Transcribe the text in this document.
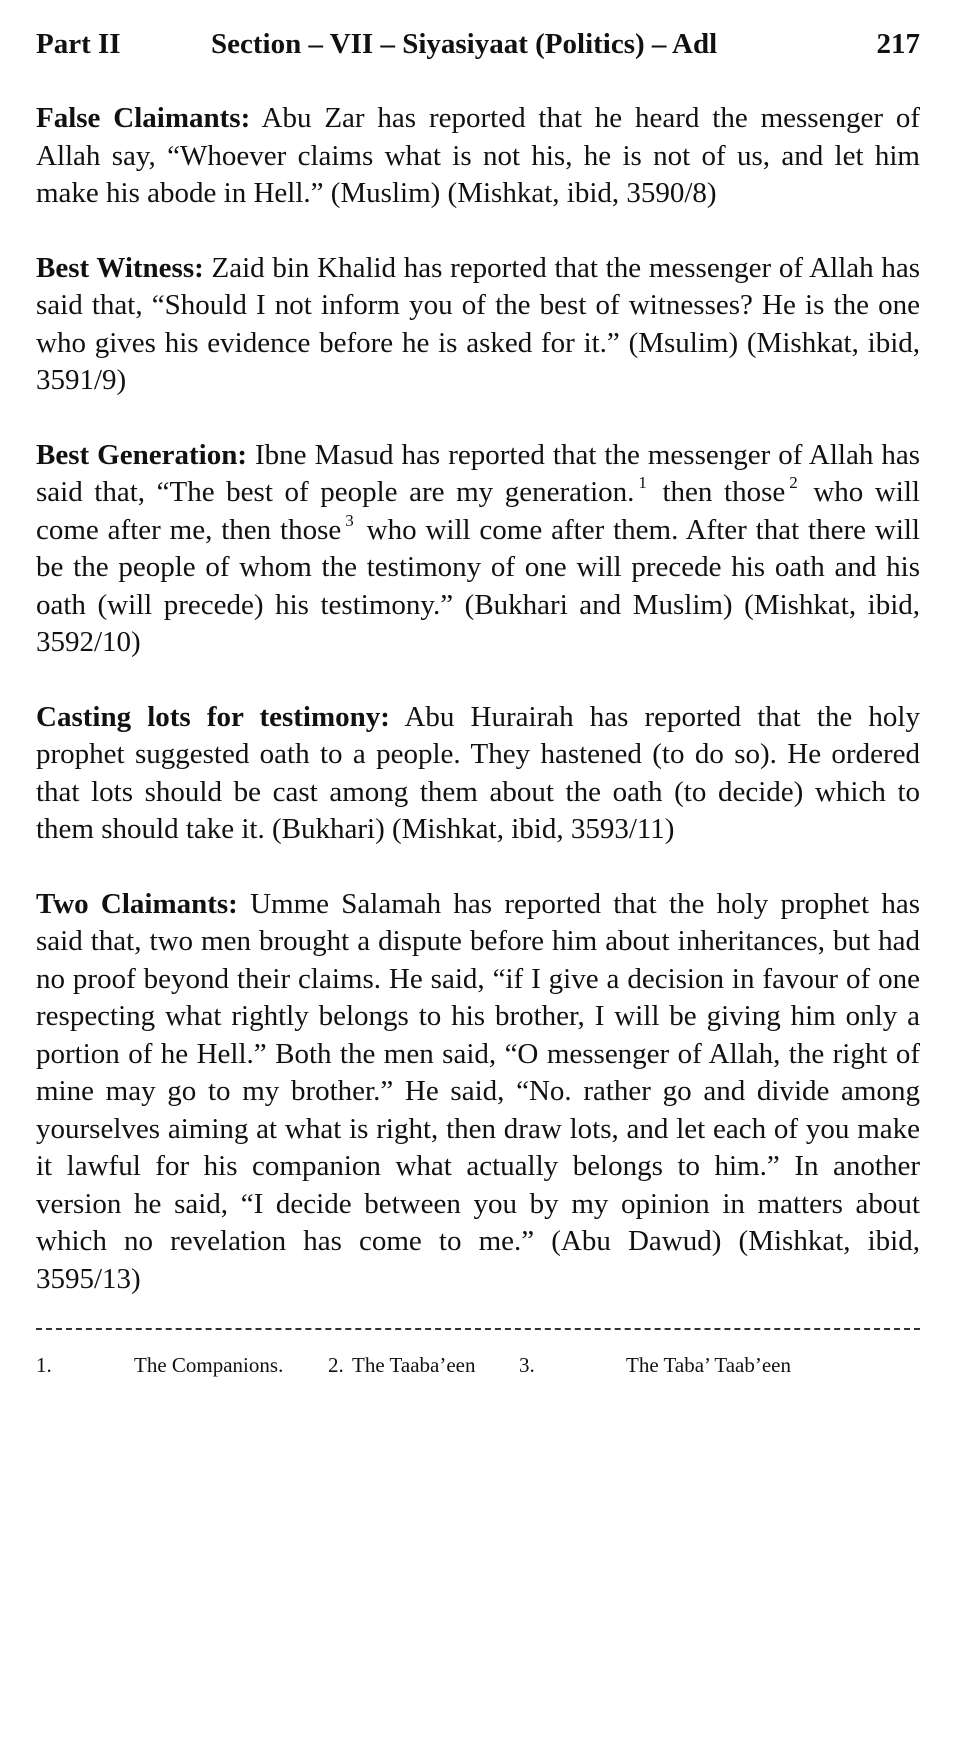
Part II	Section – VII – Siyasiyaat (Politics) – Adl	217

False Claimants: Abu Zar has reported that he heard the messenger of Allah say, “Whoever claims what is not his, he is not of us, and let him make his abode in Hell.” (Muslim) (Mishkat, ibid, 3590/8)

Best Witness: Zaid bin Khalid has reported that the messenger of Allah has said that, “Should I not inform you of the best of witnesses? He is the one who gives his evidence before he is asked for it.” (Msulim) (Mishkat, ibid, 3591/9)

Best Generation: Ibne Masud has reported that the messenger of Allah has said that, “The best of people are my generation. $^1$ then those $^2$ who will come after me, then those $^3$ who will come after them. After that there will be the people of whom the testimony of one will precede his oath and his oath (will precede) his testimony.” (Bukhari and Muslim) (Mishkat, ibid, 3592/10)

Casting lots for testimony: Abu Hurairah has reported that the holy prophet suggested oath to a people. They hastened (to do so). He ordered that lots should be cast among them about the oath (to decide) which to them should take it. (Bukhari) (Mishkat, ibid, 3593/11)

Two Claimants: Umme Salamah has reported that the holy prophet has said that, two men brought a dispute before him about inheritances, but had no proof beyond their claims. He said, “if I give a decision in favour of one respecting what rightly belongs to his brother, I will be giving him only a portion of he Hell.” Both the men said, “O messenger of Allah, the right of mine may go to my brother.” He said, “No. rather go and divide among yourselves aiming at what is right, then draw lots, and let each of you make it lawful for his companion what actually belongs to him.” In another version he said, “I decide between you by my opinion in matters about which no revelation has come to me.” (Abu Dawud) (Mishkat, ibid, 3595/13)

1.	The Companions. 2. The Taaba’een 3.	The Taba’ Taab’een
